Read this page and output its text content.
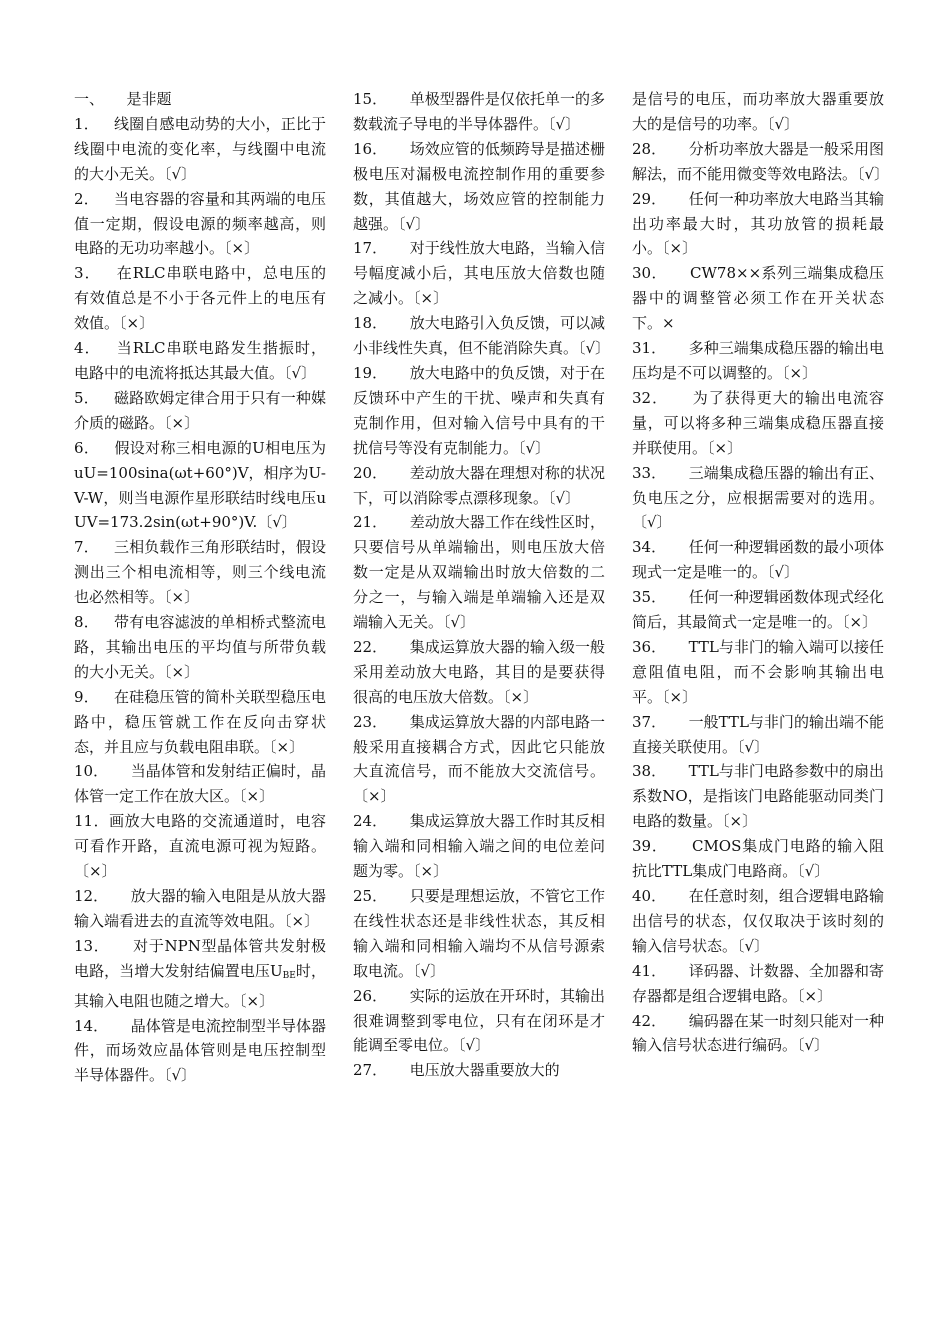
一、　　是非题

1． 线圈自感电动势的大小，正比于线圈中电流的变化率，与线圈中电流的大小无关。〔√〕

2． 当电容器的容量和其两端的电压值一定期，假设电源的频率越高，则电路的无功功率越小。〔×〕

3． 在RLC串联电路中，总电压的有效值总是不小于各元件上的电压有效值。〔×〕

4． 当RLC串联电路发生揩振时，电路中的电流将抵达其最大值。〔√〕

5． 磁路欧姆定律合用于只有一种媒介质的磁路。〔×〕

6． 假设对称三相电源的U相电压为uU=100sina(ωt+60°)V，相序为U-V-W，则当电源作星形联结时线电压uUV=173.2sin(ωt+90°)V.〔√〕

7． 三相负载作三角形联结时，假设测出三个相电流相等，则三个线电流也必然相等。〔×〕

8． 带有电容滤波的单相桥式整流电路，其输出电压的平均值与所带负载的大小无关。〔×〕

9． 在硅稳压管的简朴关联型稳压电路中，稳压管就工作在反向击穿状态，并且应与负载电阻串联。〔×〕

10．　　当晶体管和发射结正偏时，晶体管一定工作在放大区。〔×〕

11．画放大电路的交流通道时，电容可看作开路，直流电源可视为短路。〔×〕

12．　　放大器的输入电阻是从放大器输入端看进去的直流等效电阻。〔×〕

13．　　对于NPN型晶体管共发射极电路，当增大发射结偏置电压$U_{BE}$时，其输入电阻也随之增大。〔×〕

14．　　晶体管是电流控制型半导体器件，而场效应晶体管则是电压控制型半导体器件。〔√〕

15．　　单极型器件是仅依托单一的多数载流子导电的半导体器件。〔√〕

16．　　场效应管的低频跨导是描述栅极电压对漏极电流控制作用的重要参数，其值越大，场效应管的控制能力越强。〔√〕

17．　　对于线性放大电路，当输入信号幅度减小后，其电压放大倍数也随之减小。〔×〕

18．　　放大电路引入负反馈，可以减小非线性失真，但不能消除失真。〔√〕

19．　　放大电路中的负反馈，对于在反馈环中产生的干扰、噪声和失真有克制作用，但对输入信号中具有的干扰信号等没有克制能力。〔√〕

20．　　差动放大器在理想对称的状况下，可以消除零点漂移现象。〔√〕

21．　　差动放大器工作在线性区时，只要信号从单端输出，则电压放大倍数一定是从双端输出时放大倍数的二分之一，与输入端是单端输入还是双端输入无关。〔√〕

22．　　集成运算放大器的输入级一般采用差动放大电路，其目的是要获得很高的电压放大倍数。〔×〕

23．　　集成运算放大器的内部电路一般采用直接耦合方式，因此它只能放大直流信号，而不能放大交流信号。〔×〕

24．　　集成运算放大器工作时其反相输入端和同相输入端之间的电位差问题为零。〔×〕

25．　　只要是理想运放，不管它工作在线性状态还是非线性状态，其反相输入端和同相输入端均不从信号源索取电流。〔√〕

26．　　实际的运放在开环时，其输出很难调整到零电位，只有在闭环是才能调至零电位。〔√〕

27．　　电压放大器重要放大的

是信号的电压，而功率放大器重要放大的是信号的功率。〔√〕

28．　　分析功率放大器是一般采用图解法，而不能用微变等效电路法。〔√〕

29．　　任何一种功率放大电路当其输出功率最大时，其功放管的损耗最小。〔×〕

30．　　CW78××系列三端集成稳压器中的调整管必须工作在开关状态下。×

31．　　多种三端集成稳压器的输出电压均是不可以调整的。〔×〕

32．　　为了获得更大的输出电流容量，可以将多种三端集成稳压器直接并联使用。〔×〕

33．　　三端集成稳压器的输出有正、负电压之分，应根据需要对的选用。〔√〕

34．　　任何一种逻辑函数的最小项体现式一定是唯一的。〔√〕

35．　　任何一种逻辑函数体现式经化简后，其最简式一定是唯一的。〔×〕

36．　　TTL与非门的输入端可以接任意阻值电阻，而不会影响其输出电平。〔×〕

37．　　一般TTL与非门的输出端不能直接关联使用。〔√〕

38．　　TTL与非门电路参数中的扇出系数NO，是指该门电路能驱动同类门电路的数量。〔×〕

39．　　CMOS集成门电路的输入阻抗比TTL集成门电路商。〔√〕

40．　　在任意时刻，组合逻辑电路输出信号的状态，仅仅取决于该时刻的输入信号状态。〔√〕

41．　　译码器、计数器、全加器和寄存器都是组合逻辑电路。〔×〕

42．　　编码器在某一时刻只能对一种输入信号状态进行编码。〔√〕
